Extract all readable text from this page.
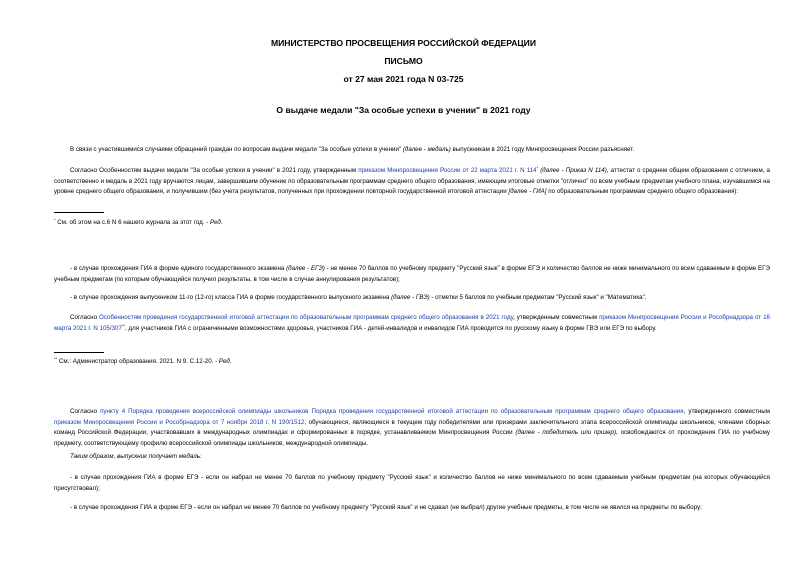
МИНИСТЕРСТВО ПРОСВЕЩЕНИЯ РОССИЙСКОЙ ФЕДЕРАЦИИ
ПИСЬМО
от 27 мая 2021 года N 03-725
О выдаче медали "За особые успехи в учении" в 2021 году
В связи с участившимися случаями обращений граждан по вопросам выдачи медали "За особые успехи в учении" (далее - медаль) выпускникам в 2021 году Минпросвещения России разъясняет.
Согласно Особенностям выдачи медали "За особые успехи в учении" в 2021 году, утвержденным приказом Минпросвещения России от 22 марта 2021 г. N 114* (далее - Приказ N 114), аттестат о среднем общем образовании с отличием, а соответственно и медаль в 2021 году вручаются лицам, завершившим обучение по образовательным программам среднего общего образования, имеющим итоговые отметки "отлично" по всем учебным предметам учебного плана, изучавшимся на уровне среднего общего образования, и получившим (без учета результатов, полученных при прохождении повторной государственной итоговой аттестации [далее - ГИА] по образовательным программам среднего общего образования):
* См. об этом на с.6 N 6 нашего журнала за этот год. - Ред.
- в случае прохождения ГИА в форме единого государственного экзамена (далее - ЕГЭ) - не менее 70 баллов по учебному предмету "Русский язык" в форме ЕГЭ и количество баллов не ниже минимального по всем сдаваемым в форме ЕГЭ учебным предметам (по которым обучающийся получил результаты, в том числе в случае аннулирования результатов);
- в случае прохождения выпускником 11-го (12-го) класса ГИА в форме государственного выпускного экзамена (далее - ГВЭ) - отметки 5 баллов по учебным предметам "Русский язык" и "Математика".
Согласно Особенностям проведения государственной итоговой аттестации по образовательным программам среднего общего образования в 2021 году, утвержденным совместным приказом Минпросвещения России и Рособрнадзора от 16 марта 2021 г. N 105/307**, для участников ГИА с ограниченными возможностями здоровья, участников ГИА - детей-инвалидов и инвалидов ГИА проводится по русскому языку в форме ГВЭ или ЕГЭ по выбору.
** См.: Администратор образования. 2021. N 9. С.12-20. - Ред.
Согласно пункту 4 Порядка проведения всероссийской олимпиады школьников Порядка проведения государственной итоговой аттестации по образовательным программам среднего общего образования, утвержденного совместным приказом Минпросвещения России и Рособрнадзора от 7 ноября 2018 г. N 190/1512, обучающиеся, являющиеся в текущем году победителями или призерами заключительного этапа всероссийской олимпиады школьников, членами сборных команд Российской Федерации, участвовавших в международных олимпиадах и сформированных в порядке, устанавливаемом Минпросвещения России (далее - победитель или призер), освобождаются от прохождения ГИА по учебному предмету, соответствующему профилю всероссийской олимпиады школьников, международной олимпиады.
Таким образом, выпускник получает медаль:
- в случае прохождения ГИА в форме ЕГЭ - если он набрал не менее 70 баллов по учебному предмету "Русский язык" и количество баллов не ниже минимального по всем сдаваемым учебным предметам (на которых обучающийся присутствовал);
- в случае прохождения ГИА в форме ЕГЭ - если он набрал не менее 70 баллов по учебному предмету "Русский язык" и не сдавал (не выбрал) другие учебные предметы, в том числе не явился на предметы по выбору;
